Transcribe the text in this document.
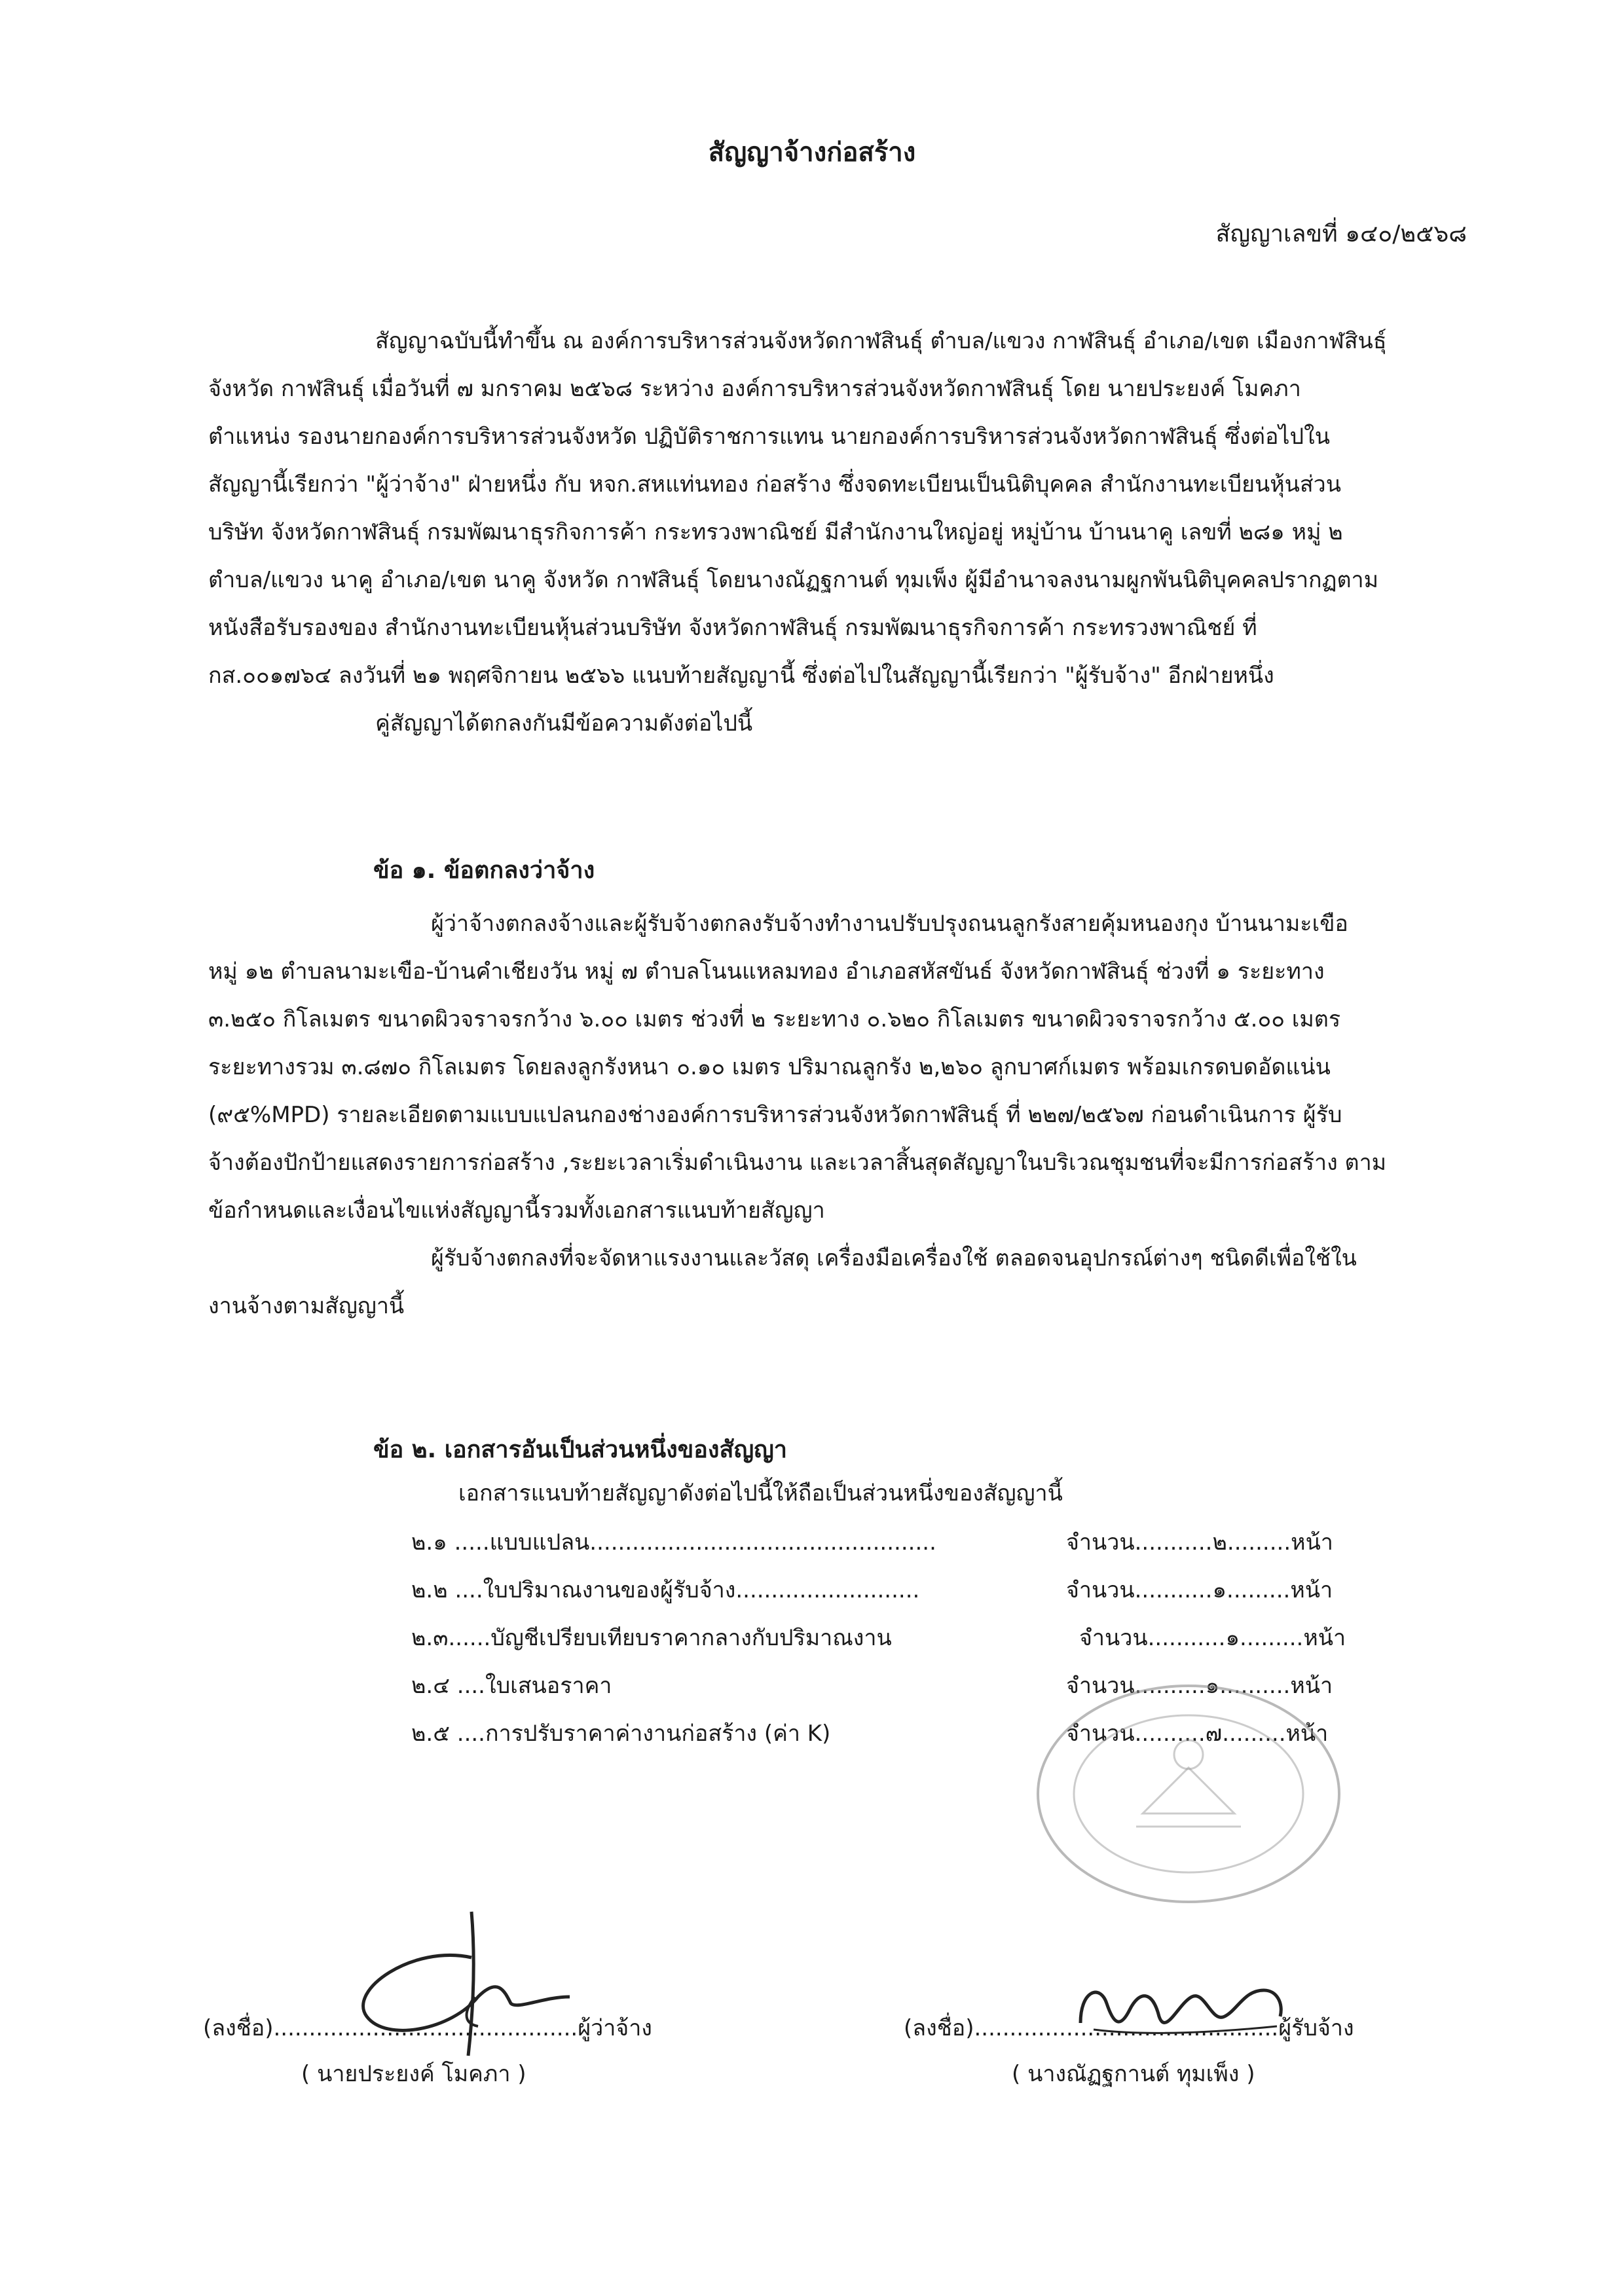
สัญญาจ้างก่อสร้าง
สัญญาเลขที่ ๑๔๐/๒๕๖๘
สัญญาฉบับนี้ทำขึ้น ณ องค์การบริหารส่วนจังหวัดกาฬสินธุ์ ตำบล/แขวง กาฬสินธุ์ อำเภอ/เขต เมืองกาฬสินธุ์
จังหวัด กาฬสินธุ์ เมื่อวันที่ ๗ มกราคม ๒๕๖๘ ระหว่าง องค์การบริหารส่วนจังหวัดกาฬสินธุ์ โดย นายประยงค์ โมคภา
ตำแหน่ง รองนายกองค์การบริหารส่วนจังหวัด ปฏิบัติราชการแทน นายกองค์การบริหารส่วนจังหวัดกาฬสินธุ์ ซึ่งต่อไปใน
สัญญานี้เรียกว่า "ผู้ว่าจ้าง" ฝ่ายหนึ่ง กับ หจก.สหแท่นทอง ก่อสร้าง ซึ่งจดทะเบียนเป็นนิติบุคคล สำนักงานทะเบียนหุ้นส่วน
บริษัท จังหวัดกาฬสินธุ์ กรมพัฒนาธุรกิจการค้า กระทรวงพาณิชย์ มีสำนักงานใหญ่อยู่ หมู่บ้าน บ้านนาคู เลขที่ ๒๘๑ หมู่ ๒
ตำบล/แขวง นาคู อำเภอ/เขต นาคู จังหวัด กาฬสินธุ์ โดยนางณัฏฐกานต์ ทุมเพ็ง ผู้มีอำนาจลงนามผูกพันนิติบุคคลปรากฏตาม
หนังสือรับรองของ สำนักงานทะเบียนหุ้นส่วนบริษัท จังหวัดกาฬสินธุ์ กรมพัฒนาธุรกิจการค้า กระทรวงพาณิชย์ ที่
กส.๐๐๑๗๖๔ ลงวันที่ ๒๑ พฤศจิกายน ๒๕๖๖ แนบท้ายสัญญานี้ ซึ่งต่อไปในสัญญานี้เรียกว่า "ผู้รับจ้าง" อีกฝ่ายหนึ่ง
คู่สัญญาได้ตกลงกันมีข้อความดังต่อไปนี้
ข้อ ๑. ข้อตกลงว่าจ้าง
ผู้ว่าจ้างตกลงจ้างและผู้รับจ้างตกลงรับจ้างทำงานปรับปรุงถนนลูกรังสายคุ้มหนองกุง บ้านนามะเขือ
หมู่ ๑๒ ตำบลนามะเขือ-บ้านคำเชียงวัน หมู่ ๗ ตำบลโนนแหลมทอง อำเภอสหัสขันธ์ จังหวัดกาฬสินธุ์ ช่วงที่ ๑ ระยะทาง
๓.๒๕๐ กิโลเมตร ขนาดผิวจราจรกว้าง ๖.๐๐ เมตร ช่วงที่ ๒ ระยะทาง ๐.๖๒๐ กิโลเมตร ขนาดผิวจราจรกว้าง ๕.๐๐ เมตร
ระยะทางรวม ๓.๘๗๐ กิโลเมตร โดยลงลูกรังหนา ๐.๑๐ เมตร ปริมาณลูกรัง ๒,๒๖๐ ลูกบาศก์เมตร พร้อมเกรดบดอัดแน่น
(๙๕%MPD) รายละเอียดตามแบบแปลนกองช่างองค์การบริหารส่วนจังหวัดกาฬสินธุ์ ที่ ๒๒๗/๒๕๖๗ ก่อนดำเนินการ ผู้รับ
จ้างต้องปักป้ายแสดงรายการก่อสร้าง ,ระยะเวลาเริ่มดำเนินงาน และเวลาสิ้นสุดสัญญาในบริเวณชุมชนที่จะมีการก่อสร้าง ตาม
ข้อกำหนดและเงื่อนไขแห่งสัญญานี้รวมทั้งเอกสารแนบท้ายสัญญา
ผู้รับจ้างตกลงที่จะจัดหาแรงงานและวัสดุ เครื่องมือเครื่องใช้ ตลอดจนอุปกรณ์ต่างๆ ชนิดดีเพื่อใช้ใน
งานจ้างตามสัญญานี้
ข้อ ๒. เอกสารอันเป็นส่วนหนึ่งของสัญญา
เอกสารแนบท้ายสัญญาดังต่อไปนี้ให้ถือเป็นส่วนหนึ่งของสัญญานี้
๒.๑ .....แบบแปลน.................................................	จำนวน...........๒.........หน้า
๒.๒ ....ใบปริมาณงานของผู้รับจ้าง..........................	จำนวน...........๑.........หน้า
๒.๓......บัญชีเปรียบเทียบราคากลางกับปริมาณงาน	จำนวน...........๑.........หน้า
๒.๔ ....ใบเสนอราคา	จำนวน..........๑..........หน้า
๒.๕ ....การปรับราคาค่างานก่อสร้าง (ค่า K)	จำนวน..........๗.........หน้า
(ลงชื่อ)...........................................ผู้ว่าจ้าง
( นายประยงค์ โมคภา )
(ลงชื่อ)...........................................ผู้รับจ้าง
( นางณัฏฐกานต์ ทุมเพ็ง )
